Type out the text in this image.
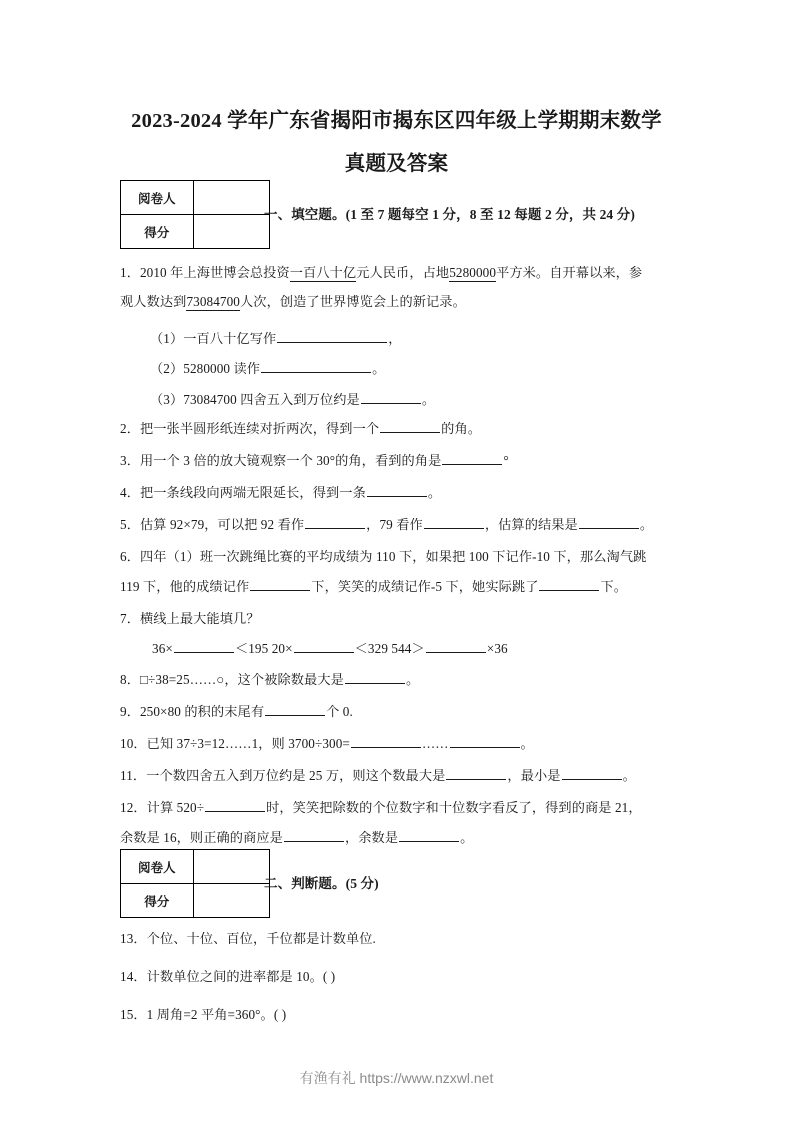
2023-2024 学年广东省揭阳市揭东区四年级上学期期末数学
真题及答案
阅卷人	
得分	
一、填空题。(1 至 7 题每空 1 分，8 至 12 每题 2 分，共 24 分)
1．2010 年上海世博会总投资一百八十亿元人民币，占地5280000平方米。自开幕以来，参
观人数达到73084700人次，创造了世界博览会上的新记录。
（1）一百八十亿写作	，
（2）5280000 读作	。
（3）73084700 四舍五入到万位约是	。
2．把一张半圆形纸连续对折两次，得到一个	的角。
3．用一个 3 倍的放大镜观察一个 30°的角，看到的角是	°
4．把一条线段向两端无限延长，得到一条	。
5．估算 92×79，可以把 92 看作	，79 看作	，估算的结果是	。
6．四年（1）班一次跳绳比赛的平均成绩为 110 下，如果把 100 下记作-10 下，那么淘气跳
119 下，他的成绩记作	下，笑笑的成绩记作-5 下，她实际跳了	下。
7．横线上最大能填几？
36×	＜195 20×	＜329 544＞	×36
8．□÷38=25……○，这个被除数最大是	。
9．250×80 的积的末尾有	个 0.
10．已知 37÷3=12……1，则 3700÷300=	……	。
11．一个数四舍五入到万位约是 25 万，则这个数最大是	，最小是	。
12．计算 520÷	时，笑笑把除数的个位数字和十位数字看反了，得到的商是 21，
余数是 16，则正确的商应是	，余数是	。
阅卷人	
得分	
二、判断题。(5 分)
13．个位、十位、百位，千位都是计数单位.
14．计数单位之间的进率都是 10。( )
15．1 周角=2 平角=360°。( )
有渔有礼 https://www.nzxwl.net
